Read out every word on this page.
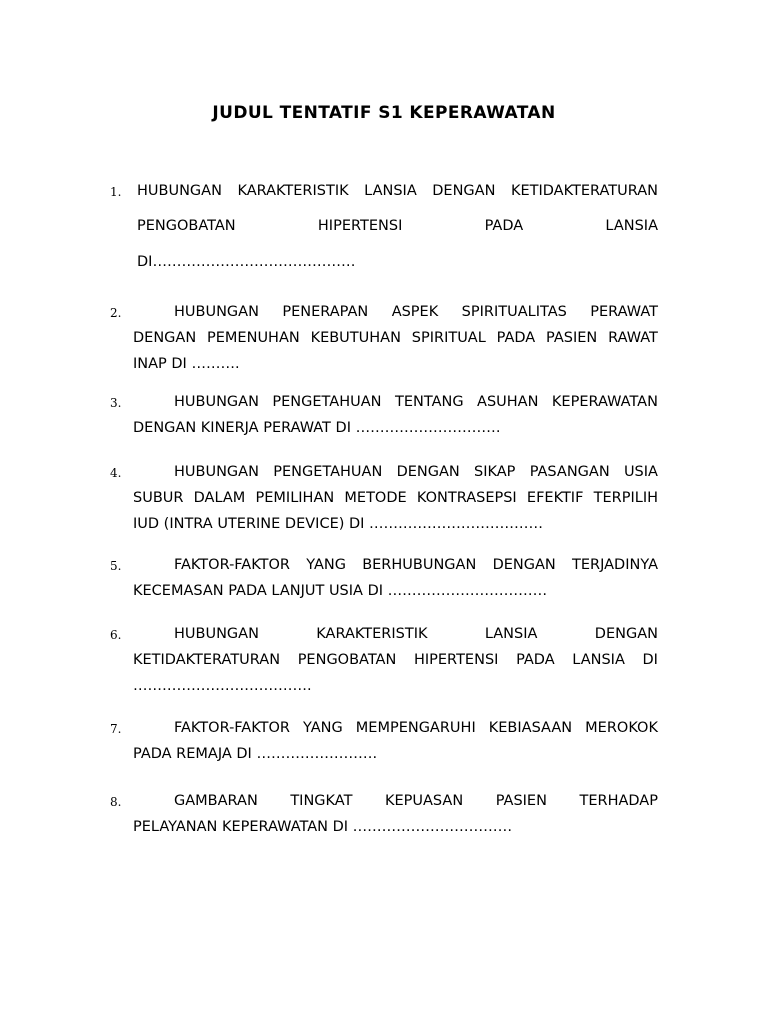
JUDUL TENTATIF S1 KEPERAWATAN
1. HUBUNGAN KARAKTERISTIK LANSIA DENGAN KETIDAKTERATURAN
PENGOBATAN	HIPERTENSI	PADA	LANSIA
DI……………………………………
2.	HUBUNGAN PENERAPAN ASPEK SPIRITUALITAS PERAWAT
DENGAN PEMENUHAN KEBUTUHAN SPIRITUAL PADA PASIEN RAWAT
INAP DI ……….
3.	HUBUNGAN PENGETAHUAN TENTANG ASUHAN KEPERAWATAN
DENGAN KINERJA PERAWAT DI …………………………
4.	HUBUNGAN PENGETAHUAN DENGAN SIKAP PASANGAN USIA
SUBUR DALAM PEMILIHAN METODE KONTRASEPSI EFEKTIF TERPILIH
IUD (INTRA UTERINE DEVICE) DI ………………………………
5.	FAKTOR-FAKTOR YANG BERHUBUNGAN DENGAN TERJADINYA
KECEMASAN PADA LANJUT USIA DI ……………………………
6.	HUBUNGAN	KARAKTERISTIK	LANSIA	DENGAN
KETIDAKTERATURAN PENGOBATAN HIPERTENSI PADA LANSIA DI
……………………………….
7.	FAKTOR-FAKTOR YANG MEMPENGARUHI KEBIASAAN MEROKOK
PADA REMAJA DI …………………….
8.	GAMBARAN TINGKAT KEPUASAN PASIEN TERHADAP
PELAYANAN KEPERAWATAN DI ……………………………
